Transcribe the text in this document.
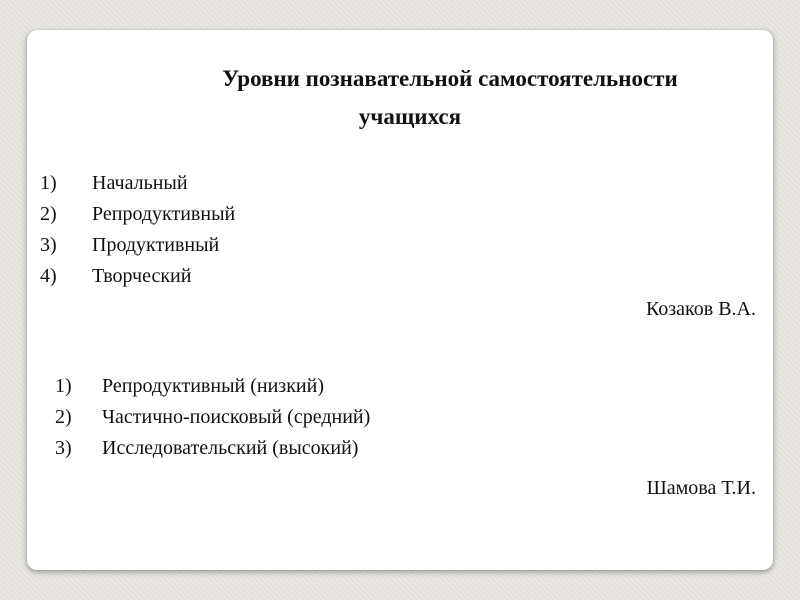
Уровни познавательной самостоятельности
учащихся
1) Начальный
2) Репродуктивный
3) Продуктивный
4) Творческий
Козаков В.А.
1) Репродуктивный (низкий)
2) Частично-поисковый (средний)
3) Исследовательский (высокий)
Шамова Т.И.
